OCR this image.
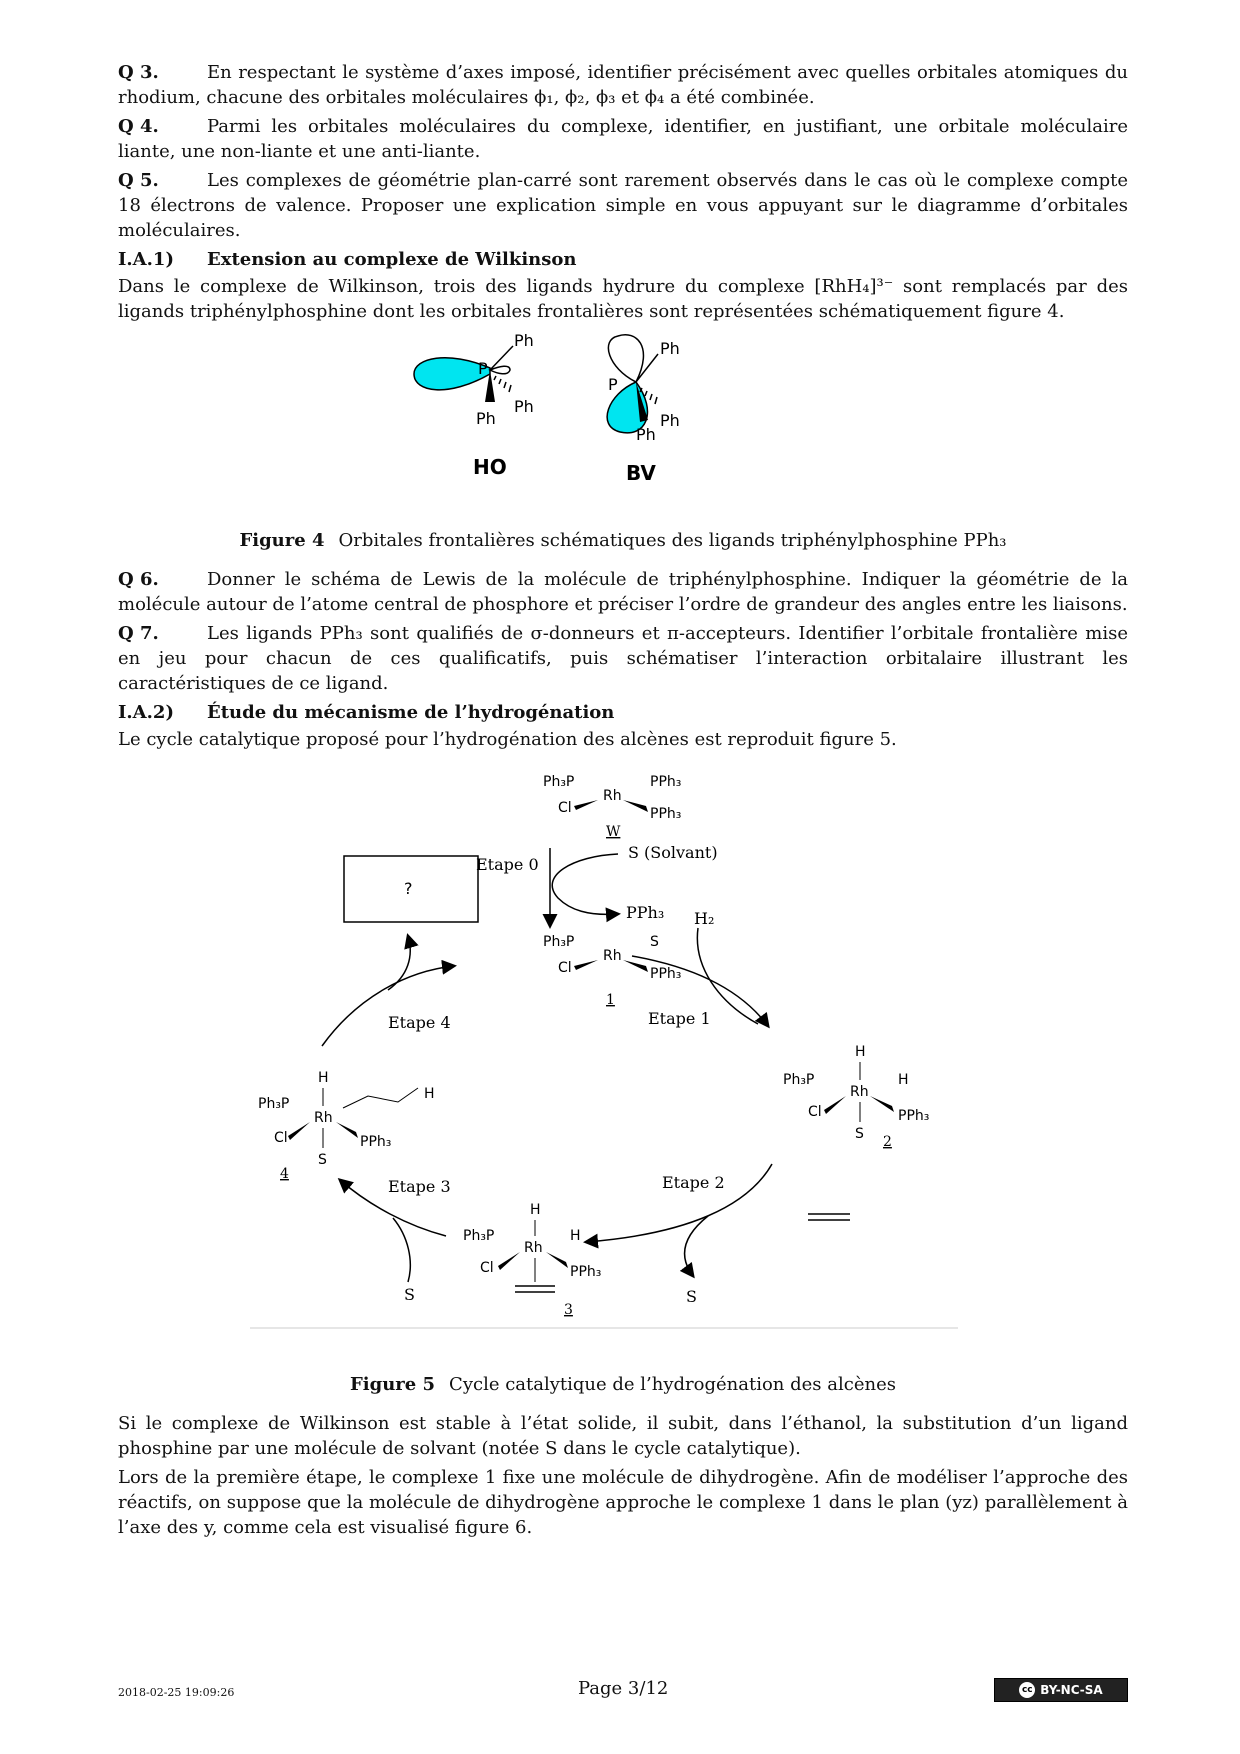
Q 3.	En respectant le système d’axes imposé, identifier précisément avec quelles orbitales atomiques du rhodium, chacune des orbitales moléculaires ϕ₁, ϕ₂, ϕ₃ et ϕ₄ a été combinée.

Q 4.	Parmi les orbitales moléculaires du complexe, identifier, en justifiant, une orbitale moléculaire liante, une non-liante et une anti-liante.

Q 5.	Les complexes de géométrie plan-carré sont rarement observés dans le cas où le complexe compte 18 électrons de valence. Proposer une explication simple en vous appuyant sur le diagramme d’orbitales moléculaires.

I.A.1) Extension au complexe de Wilkinson

Dans le complexe de Wilkinson, trois des ligands hydrure du complexe [RhH₄]³⁻ sont remplacés par des ligands triphénylphosphine dont les orbitales frontalières sont représentées schématiquement figure 4.

P
Ph
Ph
Ph
HO
P
Ph
Ph
Ph
BV
Figure 4 Orbitales frontalières schématiques des ligands triphénylphosphine PPh₃

Q 6.	Donner le schéma de Lewis de la molécule de triphénylphosphine. Indiquer la géométrie de la molécule autour de l’atome central de phosphore et préciser l’ordre de grandeur des angles entre les liaisons.

Q 7.	Les ligands PPh₃ sont qualifiés de σ-donneurs et π-accepteurs. Identifier l’orbitale frontalière mise en jeu pour chacun de ces qualificatifs, puis schématiser l’interaction orbitalaire illustrant les caractéristiques de ce ligand.

I.A.2) Étude du mécanisme de l’hydrogénation

Le cycle catalytique proposé pour l’hydrogénation des alcènes est reproduit figure 5.

Ph₃P	PPh₃
Rh
Cl	PPh₃
W
Ph₃P	S
Rh
Cl	PPh₃
1
H
Ph₃P	H
Rh
Cl	PPh₃
S 2
H
Ph₃P	H
Rh
Cl	PPh₃
3
H
Ph₃P
Rh
H
Cl	PPh₃
S
4
?
Etape 0
S (Solvant)
PPh₃ H₂
Etape 1
Etape 2
S
Etape 3
S
Etape 4
Figure 5 Cycle catalytique de l’hydrogénation des alcènes

Si le complexe de Wilkinson est stable à l’état solide, il subit, dans l’éthanol, la substitution d’un ligand phosphine par une molécule de solvant (notée S dans le cycle catalytique).

Lors de la première étape, le complexe 1 fixe une molécule de dihydrogène. Afin de modéliser l’approche des réactifs, on suppose que la molécule de dihydrogène approche le complexe 1 dans le plan (yz) parallèlement à l’axe des y, comme cela est visualisé figure 6.

2018-02-25 19:09:26	Page 3/12	cc BY-NC-SA
